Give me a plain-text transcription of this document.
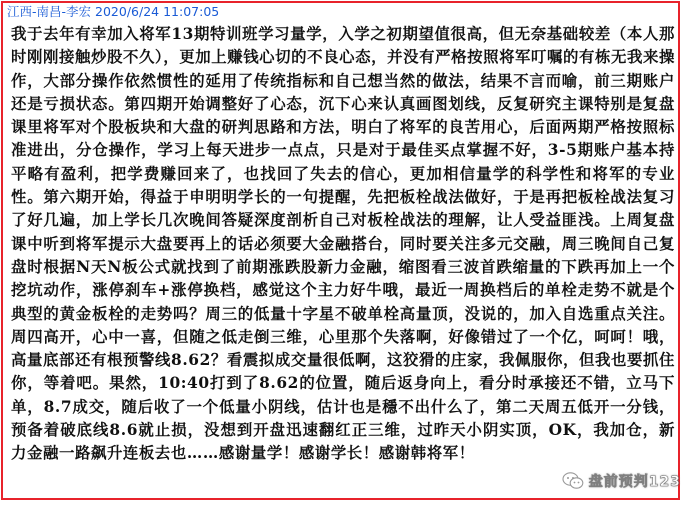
江西-南昌-李宏 2020/6/24 11:07:05
我于去年有幸加入将军13期特训班学习量学，入学之初期望值很高，但无奈基础较差（本人那时刚刚接触炒股不久），更加上赚钱心切的不良心态，并没有严格按照将军叮嘱的有栋无我来操作，大部分操作依然惯性的延用了传统指标和自己想当然的做法，结果不言而喻，前三期账户还是亏损状态。第四期开始调整好了心态，沉下心来认真画图划线，反复研究主课特别是复盘课里将军对个股板块和大盘的研判思路和方法，明白了将军的良苦用心，后面两期严格按照标准进出，分仓操作，学习上每天进步一点点，只是对于最佳买点掌握不好，3-5期账户基本持平略有盈利，把学费赚回来了，也找回了失去的信心，更加相信量学的科学性和将军的专业性。第六期开始，得益于申明明学长的一句提醒，先把板栓战法做好，于是再把板栓战法复习了好几遍，加上学长几次晚间答疑深度剖析自己对板栓战法的理解，让人受益匪浅。上周复盘课中听到将军提示大盘要再上的话必须要大金融搭台，同时要关注多元交融，周三晚间自己复盘时根据N天N板公式就找到了前期涨跌股新力金融，缩图看三波首跌缩量的下跌再加上一个挖坑动作，涨停刹车+涨停换档，感觉这个主力好牛哦，最近一周换档后的单栓走势不就是个典型的黄金板栓的走势吗？周三的低量十字星不破单栓高量顶，没说的，加入自选重点关注。周四高开，心中一喜，但随之低走倒三维，心里那个失落啊，好像错过了一个亿，呵呵！哦，高量底部还有根预警线8.62？看震拟成交量很低啊，这狡猾的庄家，我佩服你，但我也要抓住你，等着吧。果然，10:40打到了8.62的位置，随后返身向上，看分时承接还不错，立马下单，8.7成交，随后收了一个低量小阴线，估计也是穩不出什么了，第二天周五低开一分钱，预备着破底线8.6就止损，没想到开盘迅速翻红正三维，过昨天小阴实顶，OK，我加仓，新力金融一路飙升连板去也……感谢量学！感谢学长！感谢韩将军！
盘前预判123
